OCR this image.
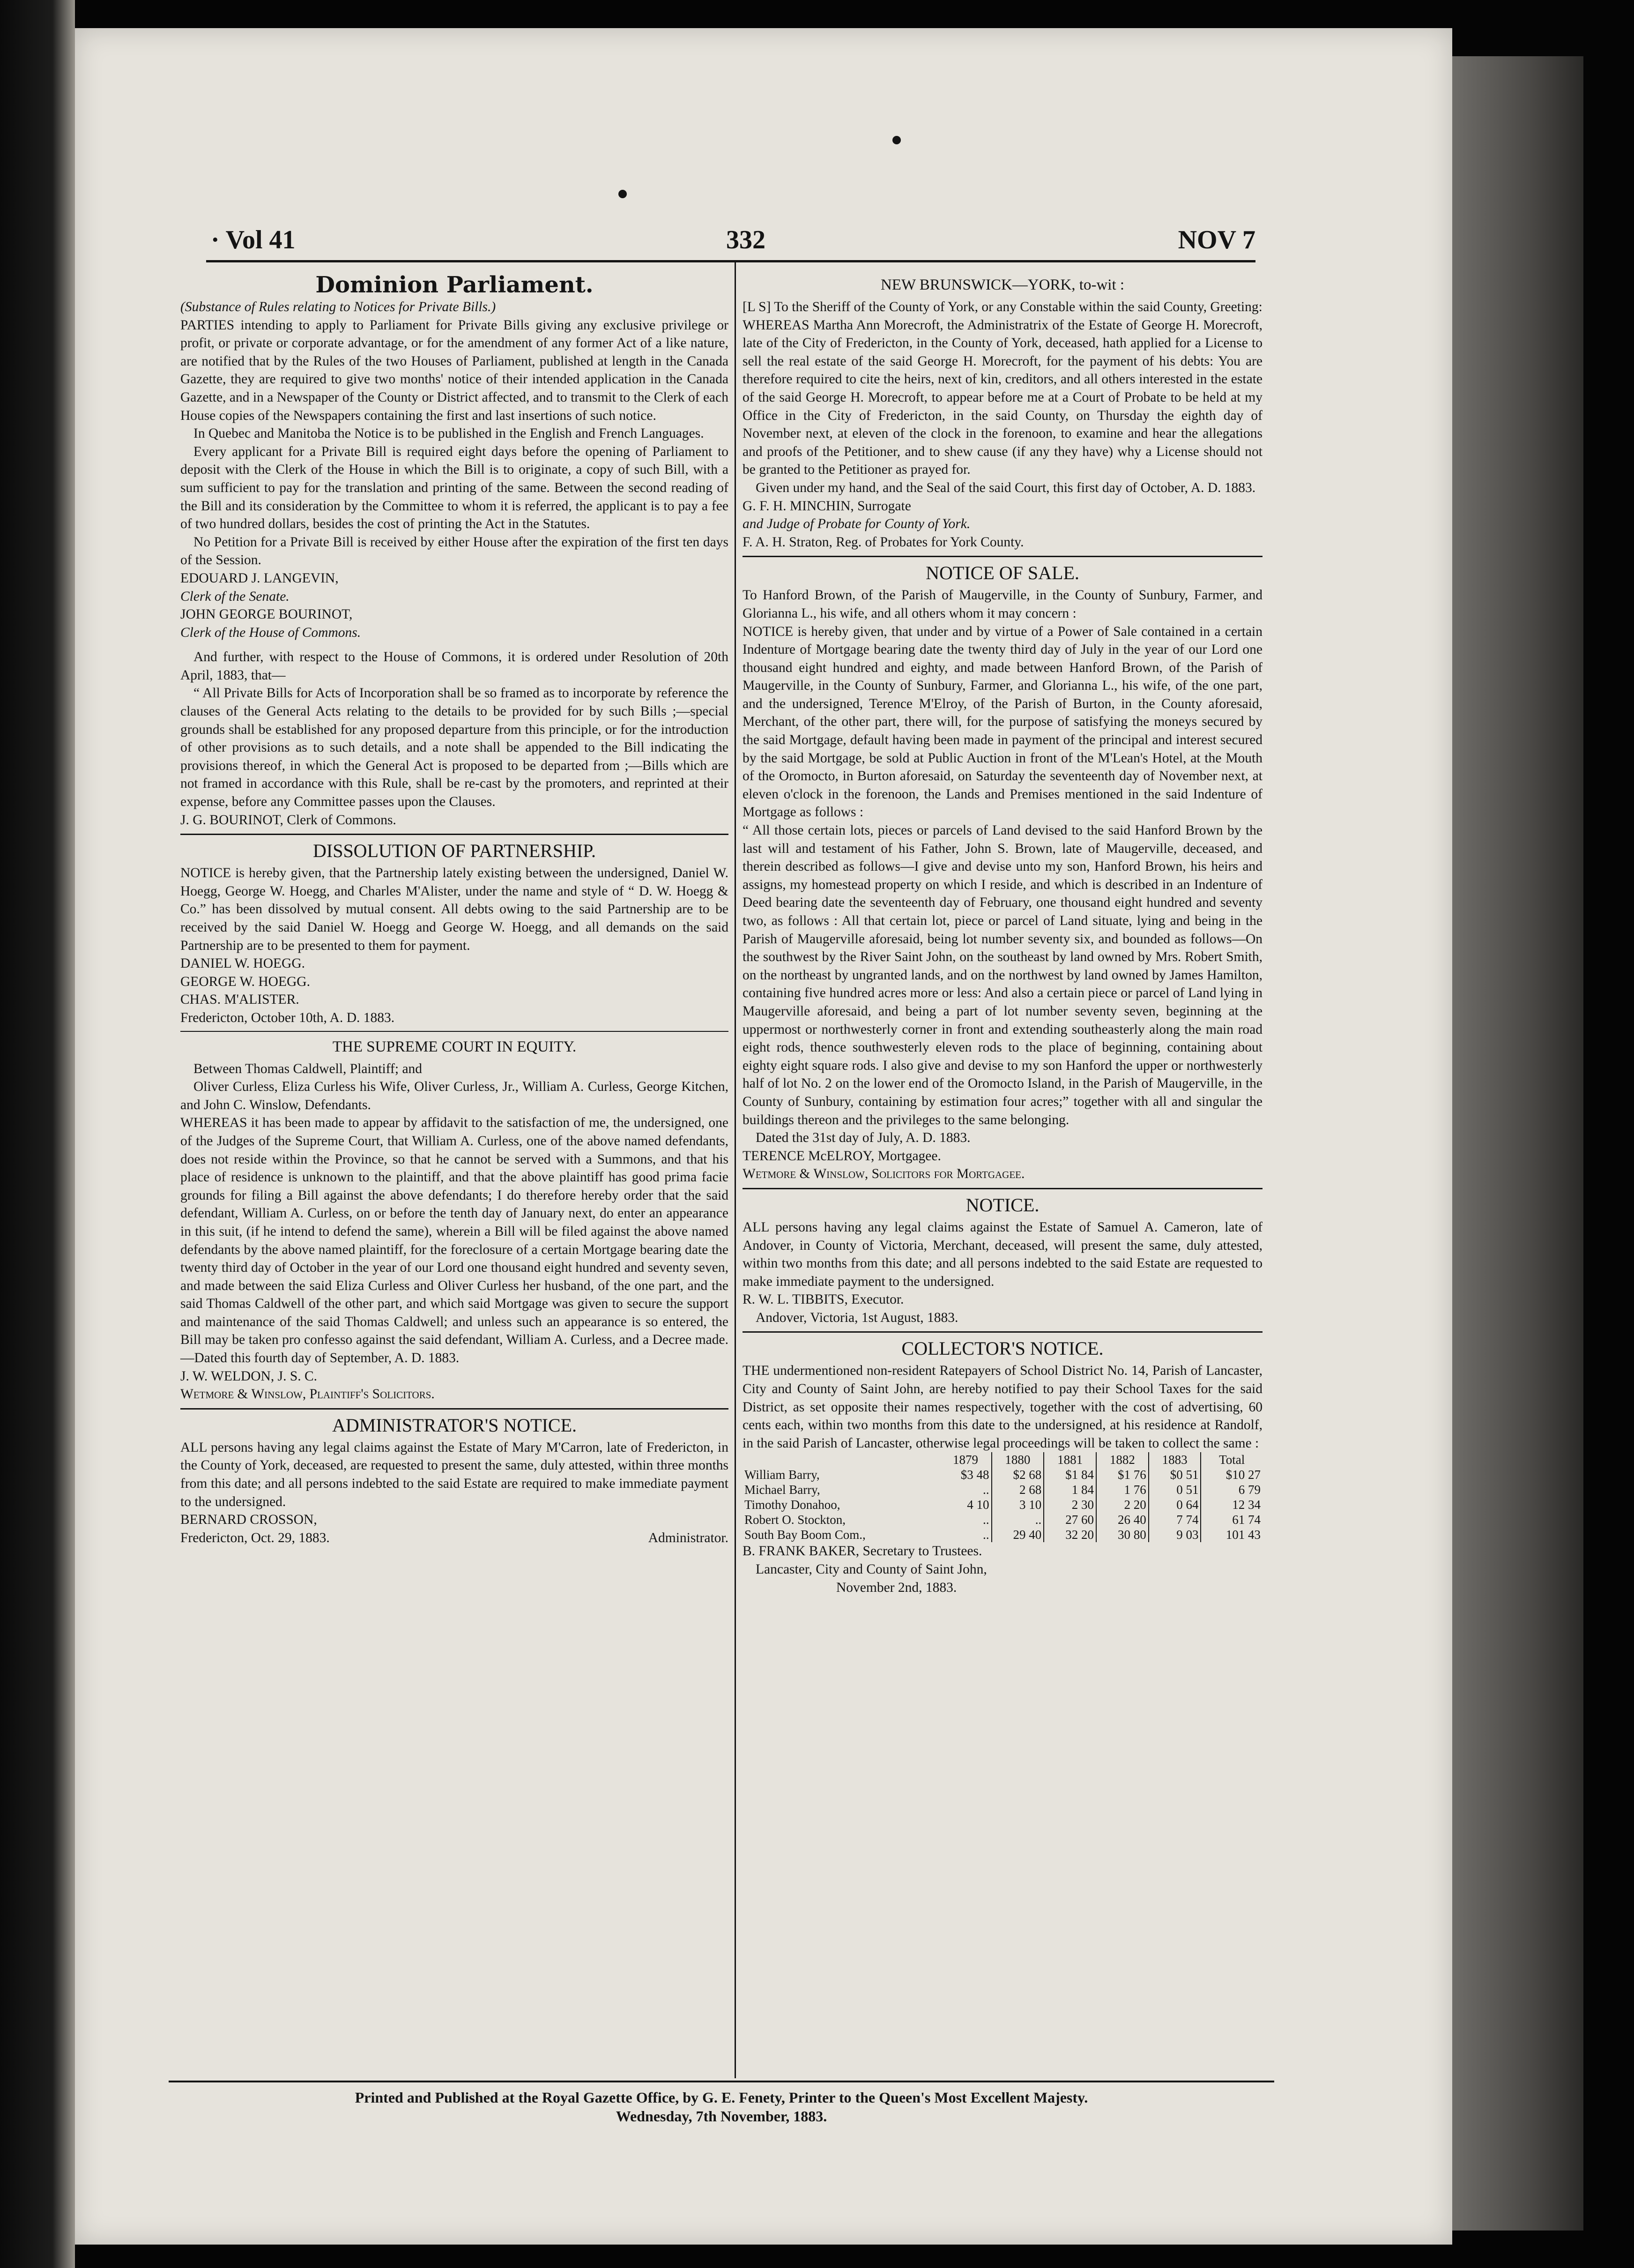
· Vol 41	332	NOV 7
Dominion Parliament.

(Substance of Rules relating to Notices for Private Bills.)

PARTIES intending to apply to Parliament for Private Bills giving any exclusive privilege or profit, or private or corporate advantage, or for the amendment of any former Act of a like nature, are notified that by the Rules of the two Houses of Parliament, published at length in the Canada Gazette, they are required to give two months' notice of their intended application in the Canada Gazette, and in a Newspaper of the County or District affected, and to transmit to the Clerk of each House copies of the Newspapers containing the first and last insertions of such notice.

In Quebec and Manitoba the Notice is to be published in the English and French Languages.

Every applicant for a Private Bill is required eight days before the opening of Parliament to deposit with the Clerk of the House in which the Bill is to originate, a copy of such Bill, with a sum sufficient to pay for the translation and printing of the same. Between the second reading of the Bill and its consideration by the Committee to whom it is referred, the applicant is to pay a fee of two hundred dollars, besides the cost of printing the Act in the Statutes.

No Petition for a Private Bill is received by either House after the expiration of the first ten days of the Session.

EDOUARD J. LANGEVIN,

Clerk of the Senate.

JOHN GEORGE BOURINOT,

Clerk of the House of Commons.

And further, with respect to the House of Commons, it is ordered under Resolution of 20th April, 1883, that—

“ All Private Bills for Acts of Incorporation shall be so framed as to incorporate by reference the clauses of the General Acts relating to the details to be provided for by such Bills ;—special grounds shall be established for any proposed departure from this principle, or for the introduction of other provisions as to such details, and a note shall be appended to the Bill indicating the provisions thereof, in which the General Act is proposed to be departed from ;—Bills which are not framed in accordance with this Rule, shall be re-cast by the promoters, and reprinted at their expense, before any Committee passes upon the Clauses.

J. G. BOURINOT, Clerk of Commons.

DISSOLUTION OF PARTNERSHIP.

NOTICE is hereby given, that the Partnership lately existing between the undersigned, Daniel W. Hoegg, George W. Hoegg, and Charles M'Alister, under the name and style of “ D. W. Hoegg & Co.” has been dissolved by mutual consent. All debts owing to the said Partnership are to be received by the said Daniel W. Hoegg and George W. Hoegg, and all demands on the said Partnership are to be presented to them for payment.

DANIEL W. HOEGG.

GEORGE W. HOEGG.

CHAS. M'ALISTER.

Fredericton, October 10th, A. D. 1883.

THE SUPREME COURT IN EQUITY.

Between Thomas Caldwell, Plaintiff; and

Oliver Curless, Eliza Curless his Wife, Oliver Curless, Jr., William A. Curless, George Kitchen, and John C. Winslow, Defendants.

WHEREAS it has been made to appear by affidavit to the satisfaction of me, the undersigned, one of the Judges of the Supreme Court, that William A. Curless, one of the above named defendants, does not reside within the Province, so that he cannot be served with a Summons, and that his place of residence is unknown to the plaintiff, and that the above plaintiff has good prima facie grounds for filing a Bill against the above defendants; I do therefore hereby order that the said defendant, William A. Curless, on or before the tenth day of January next, do enter an appearance in this suit, (if he intend to defend the same), wherein a Bill will be filed against the above named defendants by the above named plaintiff, for the foreclosure of a certain Mortgage bearing date the twenty third day of October in the year of our Lord one thousand eight hundred and seventy seven, and made between the said Eliza Curless and Oliver Curless her husband, of the one part, and the said Thomas Caldwell of the other part, and which said Mortgage was given to secure the support and maintenance of the said Thomas Caldwell; and unless such an appearance is so entered, the Bill may be taken pro confesso against the said defendant, William A. Curless, and a Decree made.—Dated this fourth day of September, A. D. 1883.

J. W. WELDON, J. S. C.

Wetmore & Winslow, Plaintiff's Solicitors.

ADMINISTRATOR'S NOTICE.

ALL persons having any legal claims against the Estate of Mary M'Carron, late of Fredericton, in the County of York, deceased, are requested to present the same, duly attested, within three months from this date; and all persons indebted to the said Estate are required to make immediate payment to the undersigned.

BERNARD CROSSON,

Fredericton, Oct. 29, 1883.	Administrator.

NEW BRUNSWICK—YORK, to-wit :

[L S] To the Sheriff of the County of York, or any Constable within the said County, Greeting:

WHEREAS Martha Ann Morecroft, the Administratrix of the Estate of George H. Morecroft, late of the City of Fredericton, in the County of York, deceased, hath applied for a License to sell the real estate of the said George H. Morecroft, for the payment of his debts: You are therefore required to cite the heirs, next of kin, creditors, and all others interested in the estate of the said George H. Morecroft, to appear before me at a Court of Probate to be held at my Office in the City of Fredericton, in the said County, on Thursday the eighth day of November next, at eleven of the clock in the forenoon, to examine and hear the allegations and proofs of the Petitioner, and to shew cause (if any they have) why a License should not be granted to the Petitioner as prayed for.

Given under my hand, and the Seal of the said Court, this first day of October, A. D. 1883.

G. F. H. MINCHIN, Surrogate

and Judge of Probate for County of York.

F. A. H. Straton, Reg. of Probates for York County.

NOTICE OF SALE.

To Hanford Brown, of the Parish of Maugerville, in the County of Sunbury, Farmer, and Glorianna L., his wife, and all others whom it may concern :

NOTICE is hereby given, that under and by virtue of a Power of Sale contained in a certain Indenture of Mortgage bearing date the twenty third day of July in the year of our Lord one thousand eight hundred and eighty, and made between Hanford Brown, of the Parish of Maugerville, in the County of Sunbury, Farmer, and Glorianna L., his wife, of the one part, and the undersigned, Terence M'Elroy, of the Parish of Burton, in the County aforesaid, Merchant, of the other part, there will, for the purpose of satisfying the moneys secured by the said Mortgage, default having been made in payment of the principal and interest secured by the said Mortgage, be sold at Public Auction in front of the M'Lean's Hotel, at the Mouth of the Oromocto, in Burton aforesaid, on Saturday the seventeenth day of November next, at eleven o'clock in the forenoon, the Lands and Premises mentioned in the said Indenture of Mortgage as follows :

“ All those certain lots, pieces or parcels of Land devised to the said Hanford Brown by the last will and testament of his Father, John S. Brown, late of Maugerville, deceased, and therein described as follows—I give and devise unto my son, Hanford Brown, his heirs and assigns, my homestead property on which I reside, and which is described in an Indenture of Deed bearing date the seventeenth day of February, one thousand eight hundred and seventy two, as follows : All that certain lot, piece or parcel of Land situate, lying and being in the Parish of Maugerville aforesaid, being lot number seventy six, and bounded as follows—On the southwest by the River Saint John, on the southeast by land owned by Mrs. Robert Smith, on the northeast by ungranted lands, and on the northwest by land owned by James Hamilton, containing five hundred acres more or less: And also a certain piece or parcel of Land lying in Maugerville aforesaid, and being a part of lot number seventy seven, beginning at the uppermost or northwesterly corner in front and extending southeasterly along the main road eight rods, thence southwesterly eleven rods to the place of beginning, containing about eighty eight square rods. I also give and devise to my son Hanford the upper or northwesterly half of lot No. 2 on the lower end of the Oromocto Island, in the Parish of Maugerville, in the County of Sunbury, containing by estimation four acres;” together with all and singular the buildings thereon and the privileges to the same belonging.

Dated the 31st day of July, A. D. 1883.

TERENCE McELROY, Mortgagee.

Wetmore & Winslow, Solicitors for Mortgagee.

NOTICE.

ALL persons having any legal claims against the Estate of Samuel A. Cameron, late of Andover, in County of Victoria, Merchant, deceased, will present the same, duly attested, within two months from this date; and all persons indebted to the said Estate are requested to make immediate payment to the undersigned.

R. W. L. TIBBITS, Executor.

Andover, Victoria, 1st August, 1883.

COLLECTOR'S NOTICE.

THE undermentioned non-resident Ratepayers of School District No. 14, Parish of Lancaster, City and County of Saint John, are hereby notified to pay their School Taxes for the said District, as set opposite their names respectively, together with the cost of advertising, 60 cents each, within two months from this date to the undersigned, at his residence at Randolf, in the said Parish of Lancaster, otherwise legal proceedings will be taken to collect the same :

	1879	1880	1881	1882	1883	Total
William Barry,	$3 48	$2 68	$1 84	$1 76	$0 51	$10 27
Michael Barry,	..	2 68	1 84	1 76	0 51	6 79
Timothy Donahoo,	4 10	3 10	2 30	2 20	0 64	12 34
Robert O. Stockton,	..	..	27 60	26 40	7 74	61 74
South Bay Boom Com.,	..	29 40	32 20	30 80	9 03	101 43

B. FRANK BAKER, Secretary to Trustees.

Lancaster, City and County of Saint John,

November 2nd, 1883.

Printed and Published at the Royal Gazette Office, by G. E. Fenety, Printer to the Queen's Most Excellent Majesty.
Wednesday, 7th November, 1883.
